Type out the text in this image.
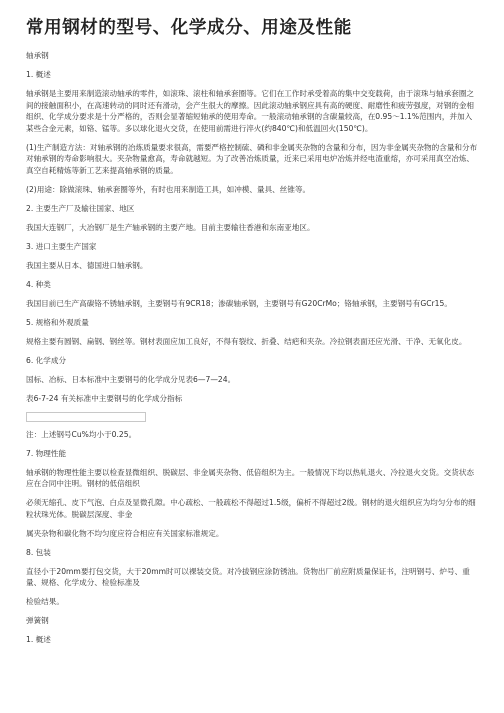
常用钢材的型号、化学成分、用途及性能
轴承钢
1. 概述
轴承钢是主要用来制造滚动轴承的零件，如滚珠、滚柱和轴承套圈等。它们在工作时承受着高的集中交变载荷，由于滚珠与轴承套圈之间的接触面积小，在高速转动的同时还有滑动，会产生很大的摩擦。因此滚动轴承钢应具有高的硬度、耐磨性和疲劳强度，对钢的金相组织、化学成分要求是十分严格的，否则会显著缩短轴承的使用寿命。一般滚动轴承钢的含碳量较高，在0.95～1.1%范围内，并加入某些合金元素，如铬、锰等。多以球化退火交货，在使用前需进行淬火(约840℃)和低温回火(150℃)。
(1)生产制造方法：对轴承钢的冶炼质量要求很高，需要严格控制硫、磷和非金属夹杂物的含量和分布，因为非金属夹杂物的含量和分布对轴承钢的寿命影响很大。夹杂物量愈高，寿命就越短。为了改善冶炼质量，近来已采用电炉冶炼并经电渣重熔，亦可采用真空冶炼、真空自耗精炼等新工艺来提高轴承钢的质量。
(2)用途：除做滚珠、轴承套圈等外，有时也用来制造工具，如冲模、量具、丝锥等。
2. 主要生产厂及输往国家、地区
我国大连钢厂，大冶钢厂是生产轴承钢的主要产地。目前主要输往香港和东南亚地区。
3. 进口主要生产国家
我国主要从日本、德国进口轴承钢。
4. 种类
我国目前已生产高碳铬不锈轴承钢，主要钢号有9CR18；渗碳轴承钢，主要钢号有G20CrMo；铬轴承钢，主要钢号有GCr15。
5. 规格和外观质量
规格主要有圆钢、扁钢、钢丝等。钢材表面应加工良好，不得有裂纹、折叠、结疤和夹杂。冷拉钢表面还应光滑、干净、无氧化皮。
6. 化学成分
国标、冶标、日本标准中主要钢号的化学成分见表6—7—24。
表6-7-24 有关标准中主要钢号的化学成分指标
注：上述钢号Cu%均小于0.25。
7. 物理性能
轴承钢的物理性能主要以检查显微组织、脱碳层、非金属夹杂物、低倍组织为主。一般情况下均以热轧退火、冷拉退火交货。交货状态应在合同中注明。钢材的低倍组织
必须无缩孔、皮下气泡、白点及显微孔隙。中心疏松、一般疏松不得超过1.5级，偏析不得超过2级。钢材的退火组织应为均匀分布的细粒状珠光体。脱碳层深度、非金
属夹杂物和碳化物不均匀度应符合相应有关国家标准规定。
8. 包装
直径小于20mm要打包交货，大于20mm时可以裸装交货。对冷拔钢应涂防锈油。货物出厂前应附质量保证书，注明钢号、炉号、重量、规格、化学成分、检验标准及
检验结果。
弹簧钢
1. 概述
